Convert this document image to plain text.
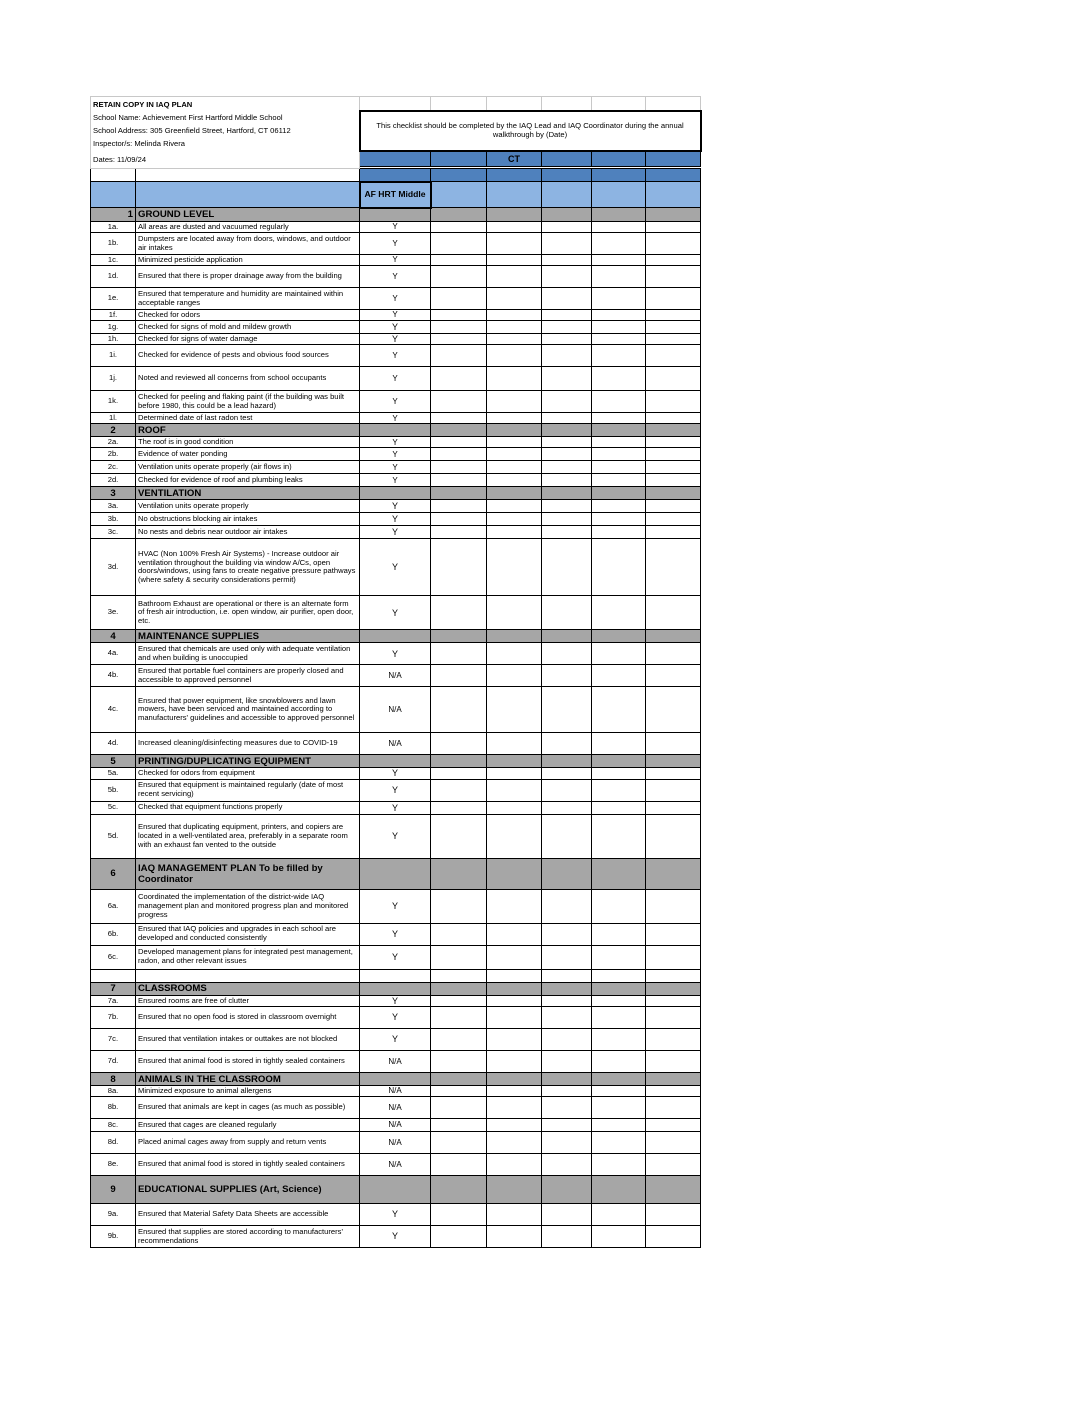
RETAIN COPY IN IAQ PLAN
School Name: Achievement First Hartford Middle School
School Address: 305 Greenfield Street, Hartford, CT 06112
Inspector/s: Melinda Rivera
Dates: 11/09/24							

		This checklist should be completed by the IAQ Lead and IAQ Coordinator during the annual walkthrough by (Date)					
				CT			

		AF HRT Middle					
1	GROUND LEVEL						
1a.	All areas are dusted and vacuumed regularly	Y					
1b.	Dumpsters are located away from doors, windows, and outdoor air intakes	Y					
1c.	Minimized pesticide application	Y					
1d.	Ensured that there is proper drainage away from the building	Y					
1e.	Ensured that temperature and humidity are maintained within acceptable ranges	Y					
1f.	Checked for odors	Y					
1g.	Checked for signs of mold and mildew growth	Y					
1h.	Checked for signs of water damage	Y					
1i.	Checked for evidence of pests and obvious food sources	Y					
1j.	Noted and reviewed all concerns from school occupants	Y					
1k.	Checked for peeling and flaking paint (if the building was built before 1980, this could be a lead hazard)	Y					
1l.	Determined date of last radon test	Y					
2	ROOF						
2a.	The roof is in good condition	Y					
2b.	Evidence of water ponding	Y					
2c.	Ventilation units operate properly (air flows in)	Y					
2d.	Checked for evidence of roof and plumbing leaks	Y					
3	VENTILATION						
3a.	Ventilation units operate properly	Y					
3b.	No obstructions blocking air intakes	Y					
3c.	No nests and debris near outdoor air intakes	Y					
3d.	HVAC (Non 100% Fresh Air Systems) - Increase outdoor air ventilation throughout the building via window A/Cs, open doors/windows, using fans to create negative pressure pathways (where safety & security considerations permit)	Y					
3e.	Bathroom Exhaust are operational or there is an alternate form of fresh air introduction, i.e. open window, air purifier, open door, etc.	Y					
4	MAINTENANCE SUPPLIES						
4a.	Ensured that chemicals are used only with adequate ventilation and when building is unoccupied	Y					
4b.	Ensured that portable fuel containers are properly closed and accessible to approved personnel	N/A					
4c.	Ensured that power equipment, like snowblowers and lawn mowers, have been serviced and maintained according to manufacturers' guidelines and accessible to approved personnel	N/A					
4d.	Increased cleaning/disinfecting measures due to COVID-19	N/A					
5	PRINTING/DUPLICATING EQUIPMENT						
5a.	Checked for odors from equipment	Y					
5b.	Ensured that equipment is maintained regularly (date of most recent servicing)	Y					
5c.	Checked that equipment functions properly	Y					
5d.	Ensured that duplicating equipment, printers, and copiers are located in a well-ventilated area, preferably in a separate room with an exhaust fan vented to the outside	Y					
6	IAQ MANAGEMENT PLAN To be filled by Coordinator						
6a.	Coordinated the implementation of the district-wide IAQ management plan and monitored progress plan and monitored progress	Y					
6b.	Ensured that IAQ policies and upgrades in each school are developed and conducted consistently	Y					
6c.	Developed management plans for integrated pest management, radon, and other relevant issues	Y					

7	CLASSROOMS						
7a.	Ensured rooms are free of clutter	Y					
7b.	Ensured that no open food is stored in classroom overnight	Y					
7c.	Ensured that ventilation intakes or outtakes are not blocked	Y					
7d.	Ensured that animal food is stored in tightly sealed containers	N/A					
8	ANIMALS IN THE CLASSROOM						
8a.	Minimized exposure to animal allergens	N/A					
8b.	Ensured that animals are kept in cages (as much as possible)	N/A					
8c.	Ensured that cages are cleaned regularly	N/A					
8d.	Placed animal cages away from supply and return vents	N/A					
8e.	Ensured that animal food is stored in tightly sealed containers	N/A					
9	EDUCATIONAL SUPPLIES (Art, Science)						
9a.	Ensured that Material Safety Data Sheets are accessible	Y					
9b.	Ensured that supplies are stored according to manufacturers' recommendations	Y					
